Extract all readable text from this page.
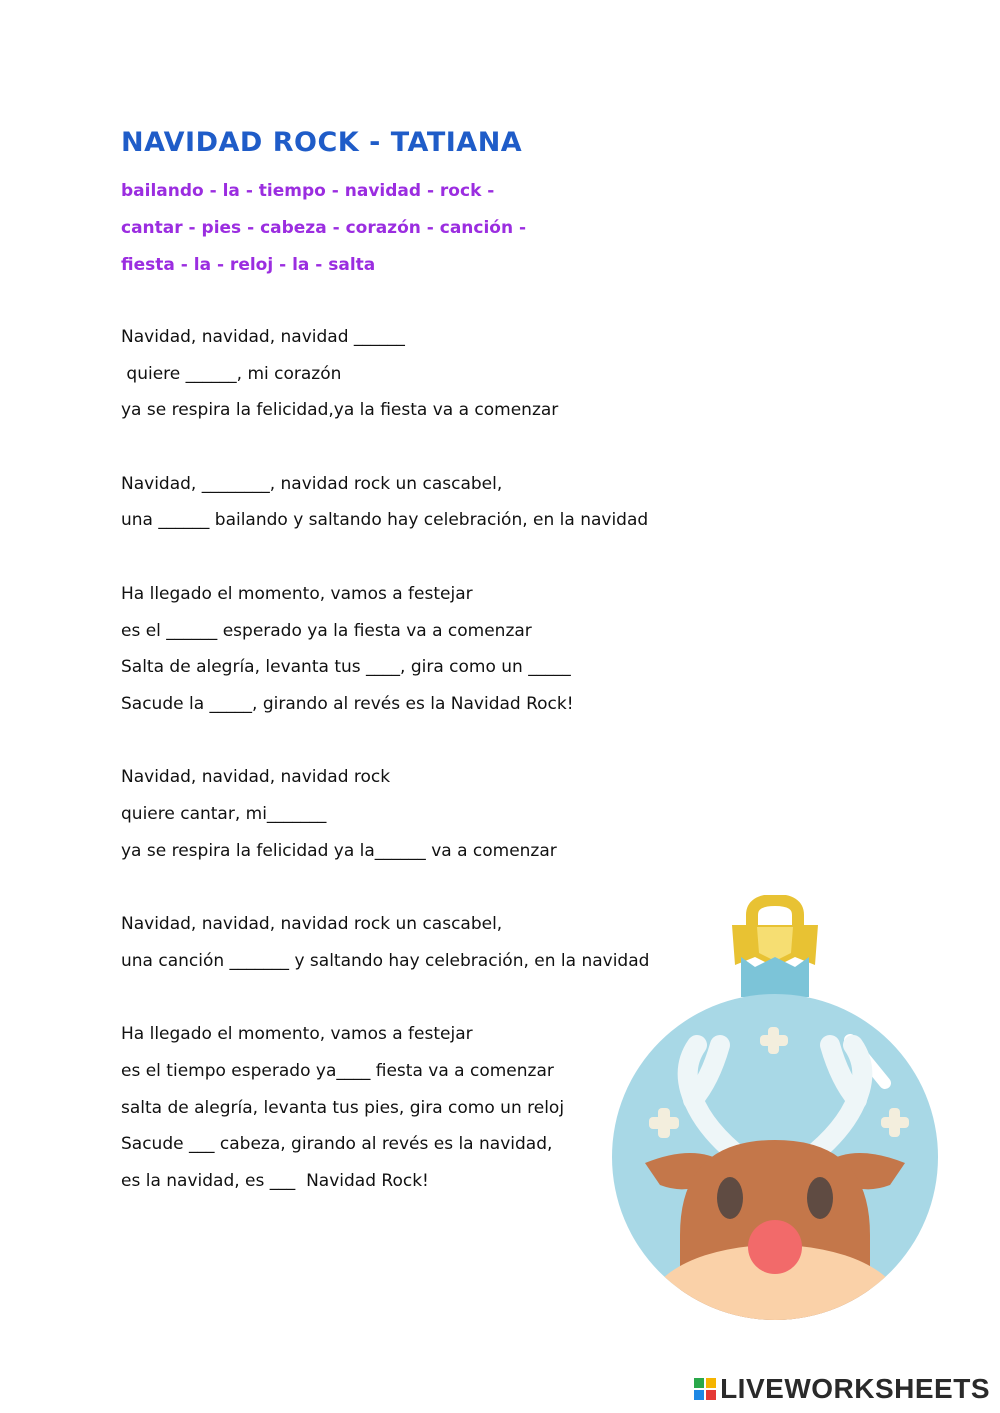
NAVIDAD ROCK - TATIANA
bailando - la - tiempo - navidad - rock -
cantar - pies - cabeza - corazón - canción -
fiesta - la - reloj - la - salta
Navidad, navidad, navidad ______
quiere ______, mi corazón
ya se respira la felicidad,ya la fiesta va a comenzar
Navidad, ________, navidad rock un cascabel,
una ______ bailando y saltando hay celebración, en la navidad
Ha llegado el momento, vamos a festejar
es el ______ esperado ya la fiesta va a comenzar
Salta de alegría, levanta tus ____, gira como un _____
Sacude la _____, girando al revés es la Navidad Rock!
Navidad, navidad, navidad rock
quiere cantar, mi_______
ya se respira la felicidad ya la______ va a comenzar
Navidad, navidad, navidad rock un cascabel,
una canción _______ y saltando hay celebración, en la navidad
Ha llegado el momento, vamos a festejar
es el tiempo esperado ya____ fiesta va a comenzar
salta de alegría, levanta tus pies, gira como un reloj
Sacude ___ cabeza, girando al revés es la navidad,
es la navidad, es ___  Navidad Rock!
LIVEWORKSHEETS
